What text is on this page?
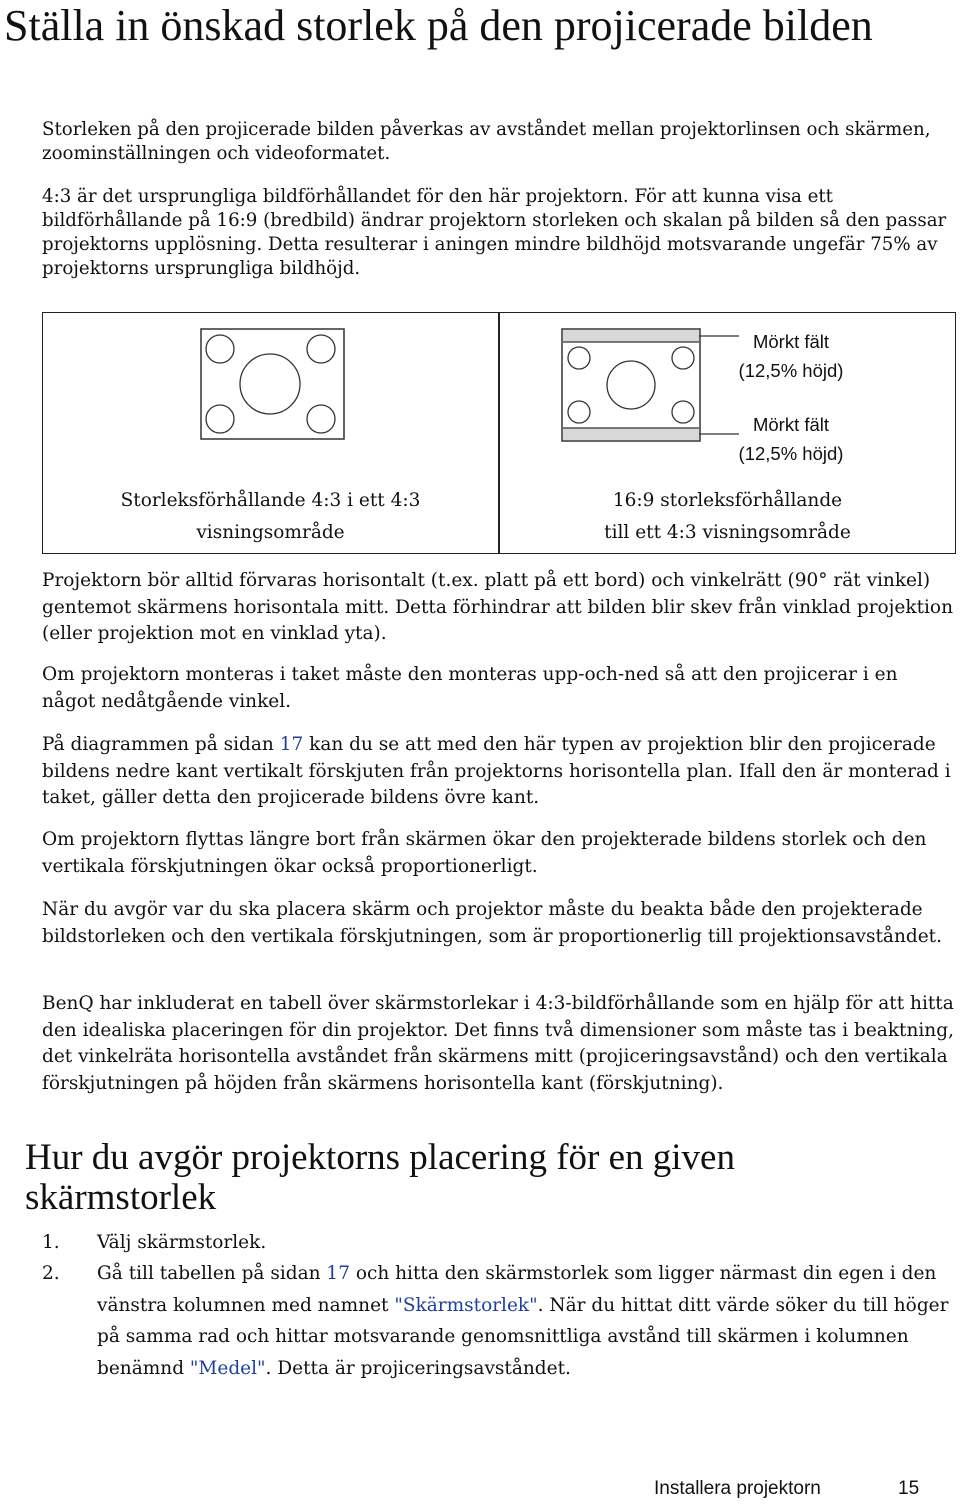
Ställa in önskad storlek på den projicerade bilden

Storleken på den projicerade bilden påverkas av avståndet mellan projektorlinsen och skärmen, zoominställningen och videoformatet.

4:3 är det ursprungliga bildförhållandet för den här projektorn. För att kunna visa ett bildförhållande på 16:9 (bredbild) ändrar projektorn storleken och skalan på bilden så den passar projektorns upplösning. Detta resulterar i aningen mindre bildhöjd motsvarande ungefär 75% av projektorns ursprungliga bildhöjd.

Mörkt fält
(12,5% höjd)
Mörkt fält
(12,5% höjd)
Storleksförhållande 4:3 i ett 4:3
visningsområde
16:9 storleksförhållande
till ett 4:3 visningsområde

Projektorn bör alltid förvaras horisontalt (t.ex. platt på ett bord) och vinkelrätt (90° rät vinkel) gentemot skärmens horisontala mitt. Detta förhindrar att bilden blir skev från vinklad projektion (eller projektion mot en vinklad yta).

Om projektorn monteras i taket måste den monteras upp-och-ned så att den projicerar i en något nedåtgående vinkel.

På diagrammen på sidan 17 kan du se att med den här typen av projektion blir den projicerade bildens nedre kant vertikalt förskjuten från projektorns horisontella plan. Ifall den är monterad i taket, gäller detta den projicerade bildens övre kant.

Om projektorn flyttas längre bort från skärmen ökar den projekterade bildens storlek och den vertikala förskjutningen ökar också proportionerligt.

När du avgör var du ska placera skärm och projektor måste du beakta både den projekterade bildstorleken och den vertikala förskjutningen, som är proportionerlig till projektionsavståndet.

BenQ har inkluderat en tabell över skärmstorlekar i 4:3-bildförhållande som en hjälp för att hitta den idealiska placeringen för din projektor. Det finns två dimensioner som måste tas i beaktning, det vinkelräta horisontella avståndet från skärmens mitt (projiceringsavstånd) och den vertikala förskjutningen på höjden från skärmens horisontella kant (förskjutning).

Hur du avgör projektorns placering för en given skärmstorlek
1. Välj skärmstorlek.
2. Gå till tabellen på sidan 17 och hitta den skärmstorlek som ligger närmast din egen i den vänstra kolumnen med namnet "Skärmstorlek". När du hittat ditt värde söker du till höger på samma rad och hittar motsvarande genomsnittliga avstånd till skärmen i kolumnen benämnd "Medel". Detta är projiceringsavståndet.
Installera projektorn	15
